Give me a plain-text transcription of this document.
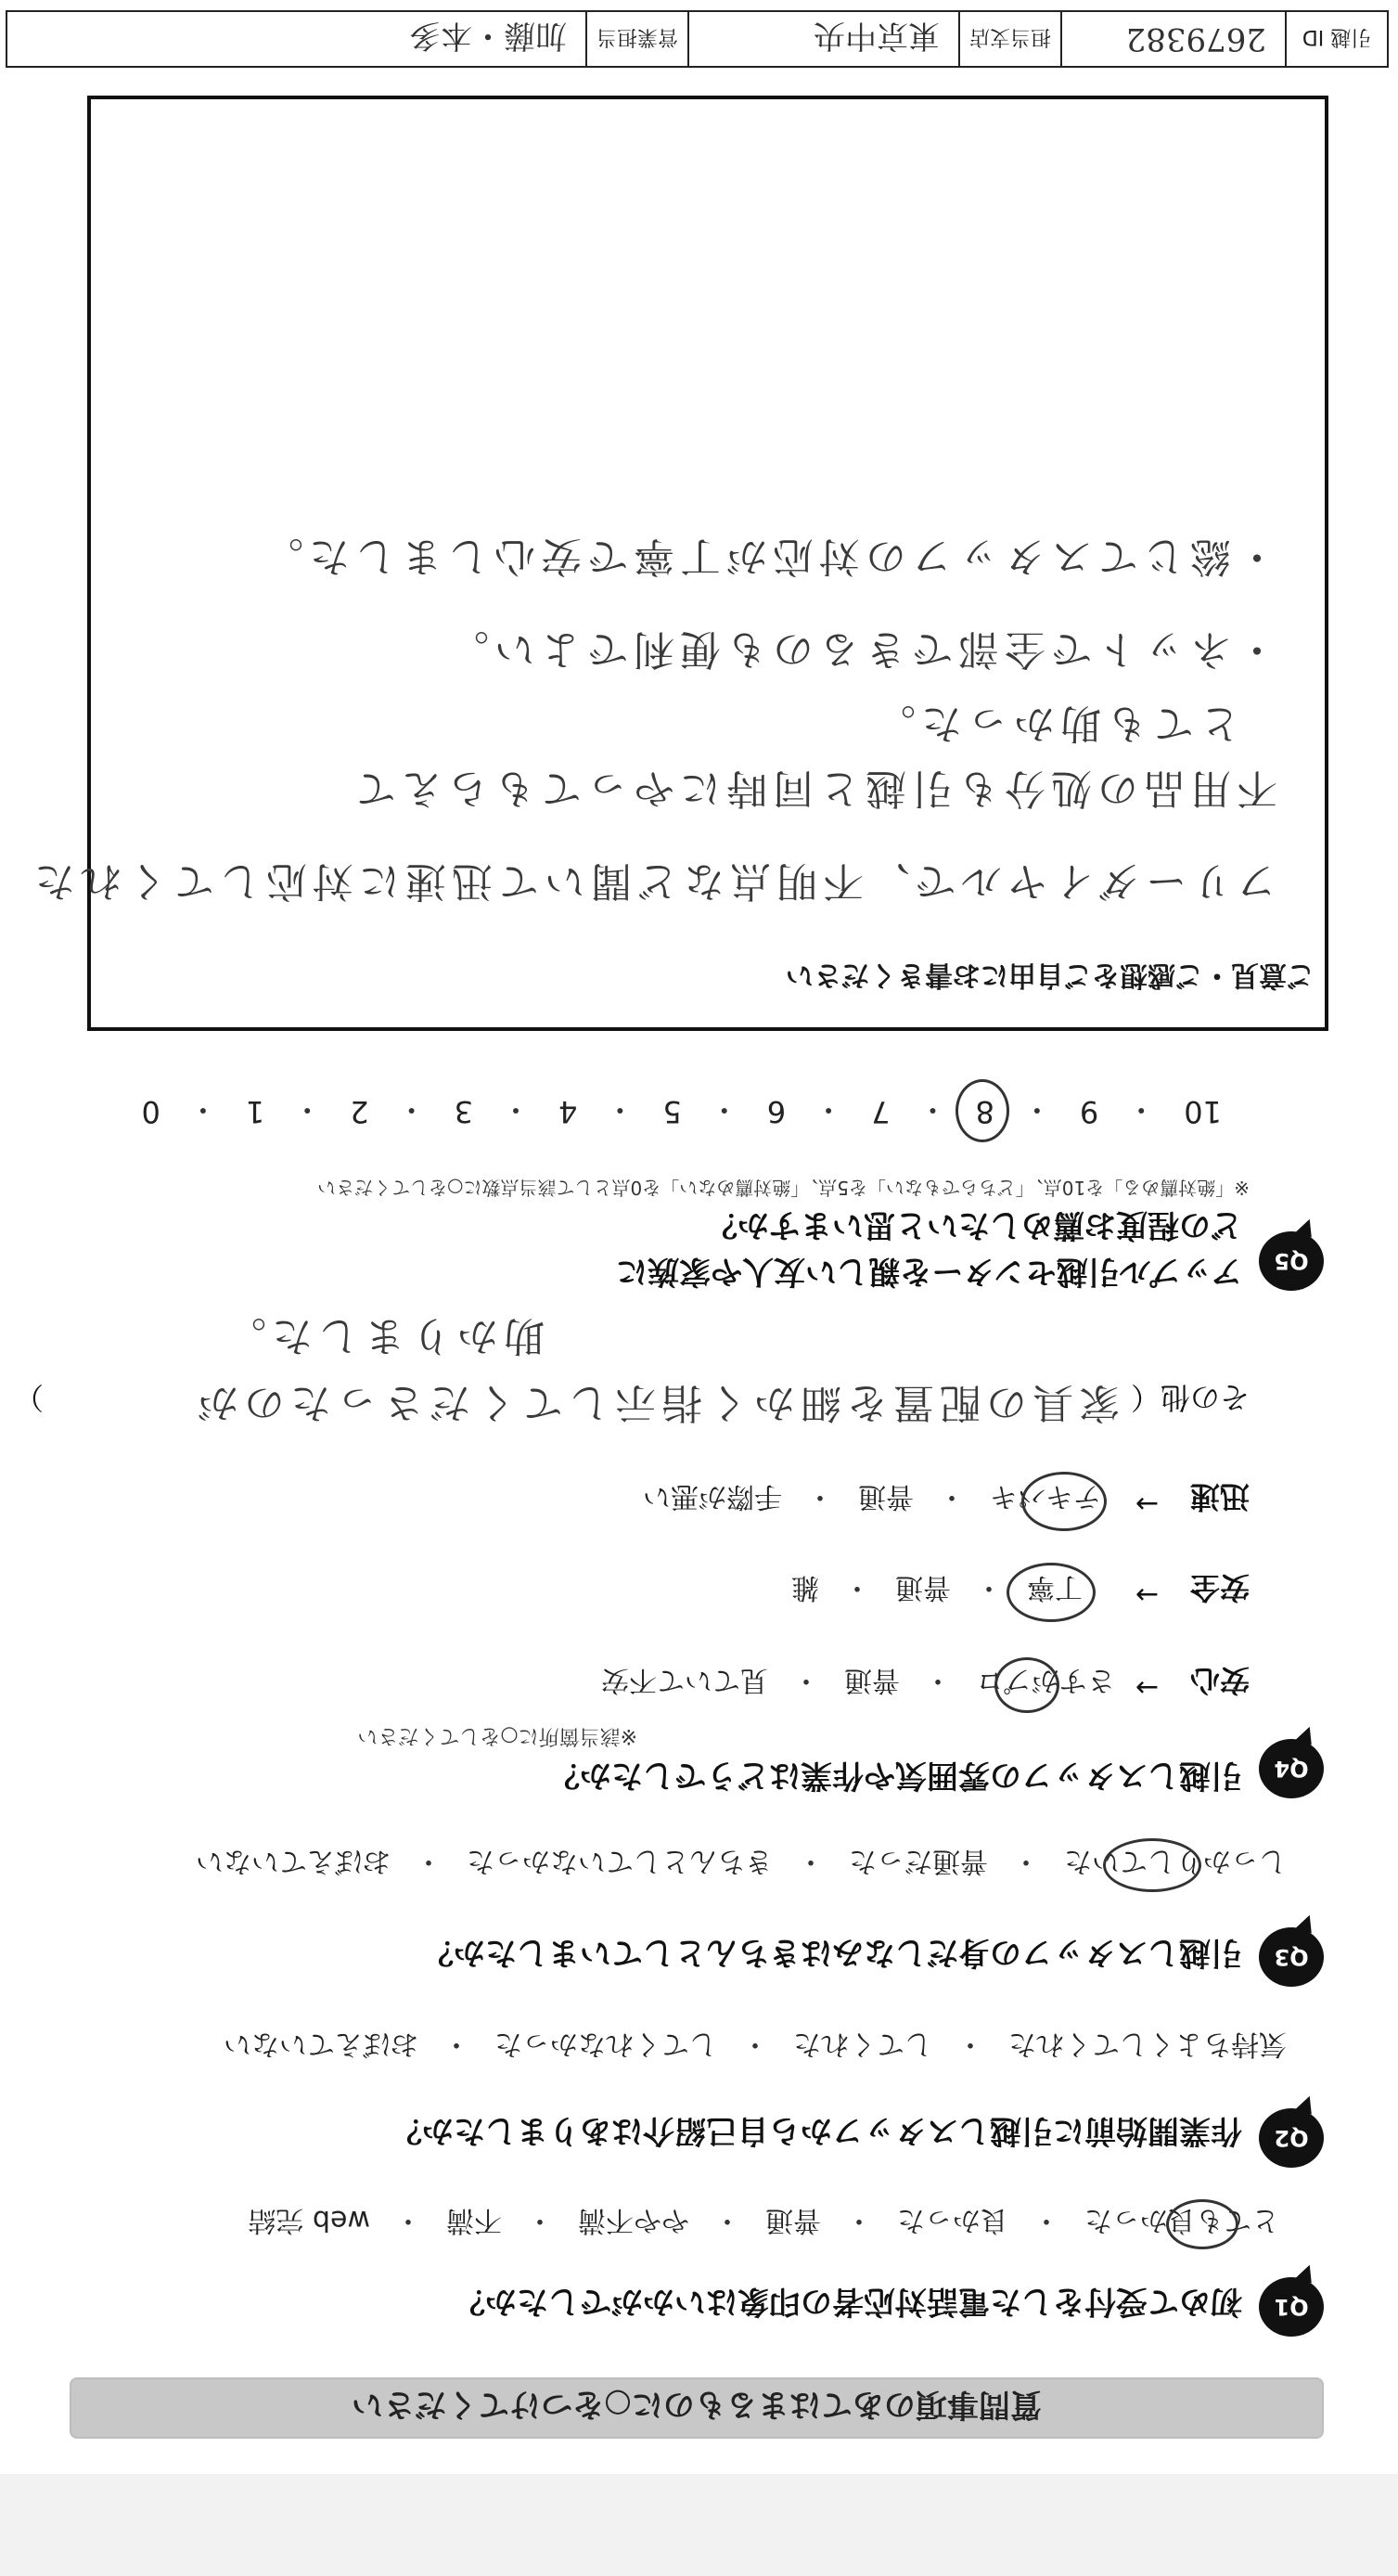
質問事項のあてはまるものに○をつけてください
Q1
初めて受付をした電話対応者の印象はいかがでしたか？
とても良かった
・
良かった
・
普通
・
やや不満
・
不満
・
web 完結
Q2
作業開始前に引越しスタッフから自己紹介はありましたか？
気持ちよくしてくれた
・
してくれた
・
してくれなかった
・
おぼえていない
Q3
引越しスタッフの身だしなみはきちんとしていましたか？
しっかりしていた
・
普通だった
・
きちんとしていなかった
・
おぼえていない
Q4
引越しスタッフの雰囲気や作業はどうでしたか？
※該当箇所に○をしてください
安心
→
さすがプロ
・
普通
・
見ていて不安
安全
→
丁寧
・
普通
・
雑
迅速
→
テキパキ
・
普通
・
手際が悪い
その他（
家具の配置を細かく指示してくださったのが
）
助かりました。
Q5
アップル引越センターを親しい友人や家族に
どの程度お薦めしたいと思いますか？
※「絶対薦める」を10点、「どちらでもない」を5点、「絶対薦めない」を0点として該当点数に○をしてください
10
・
9
・
8
・
7
・
6
・
5
・
4
・
3
・
2
・
1
・
0
ご意見・ご感想をご自由にお書きください
フリーダイヤルで、不明点など聞いて迅速に対応してくれた
不用品の処分も引越と同時にやってもらえて
とても助かった。
・ネットで全部できるのも便利でよい。
・総じてスタッフの対応が丁寧で安心しました。
引越 ID
2679382
担当支店
東京中央
営業担当
加藤・本多
